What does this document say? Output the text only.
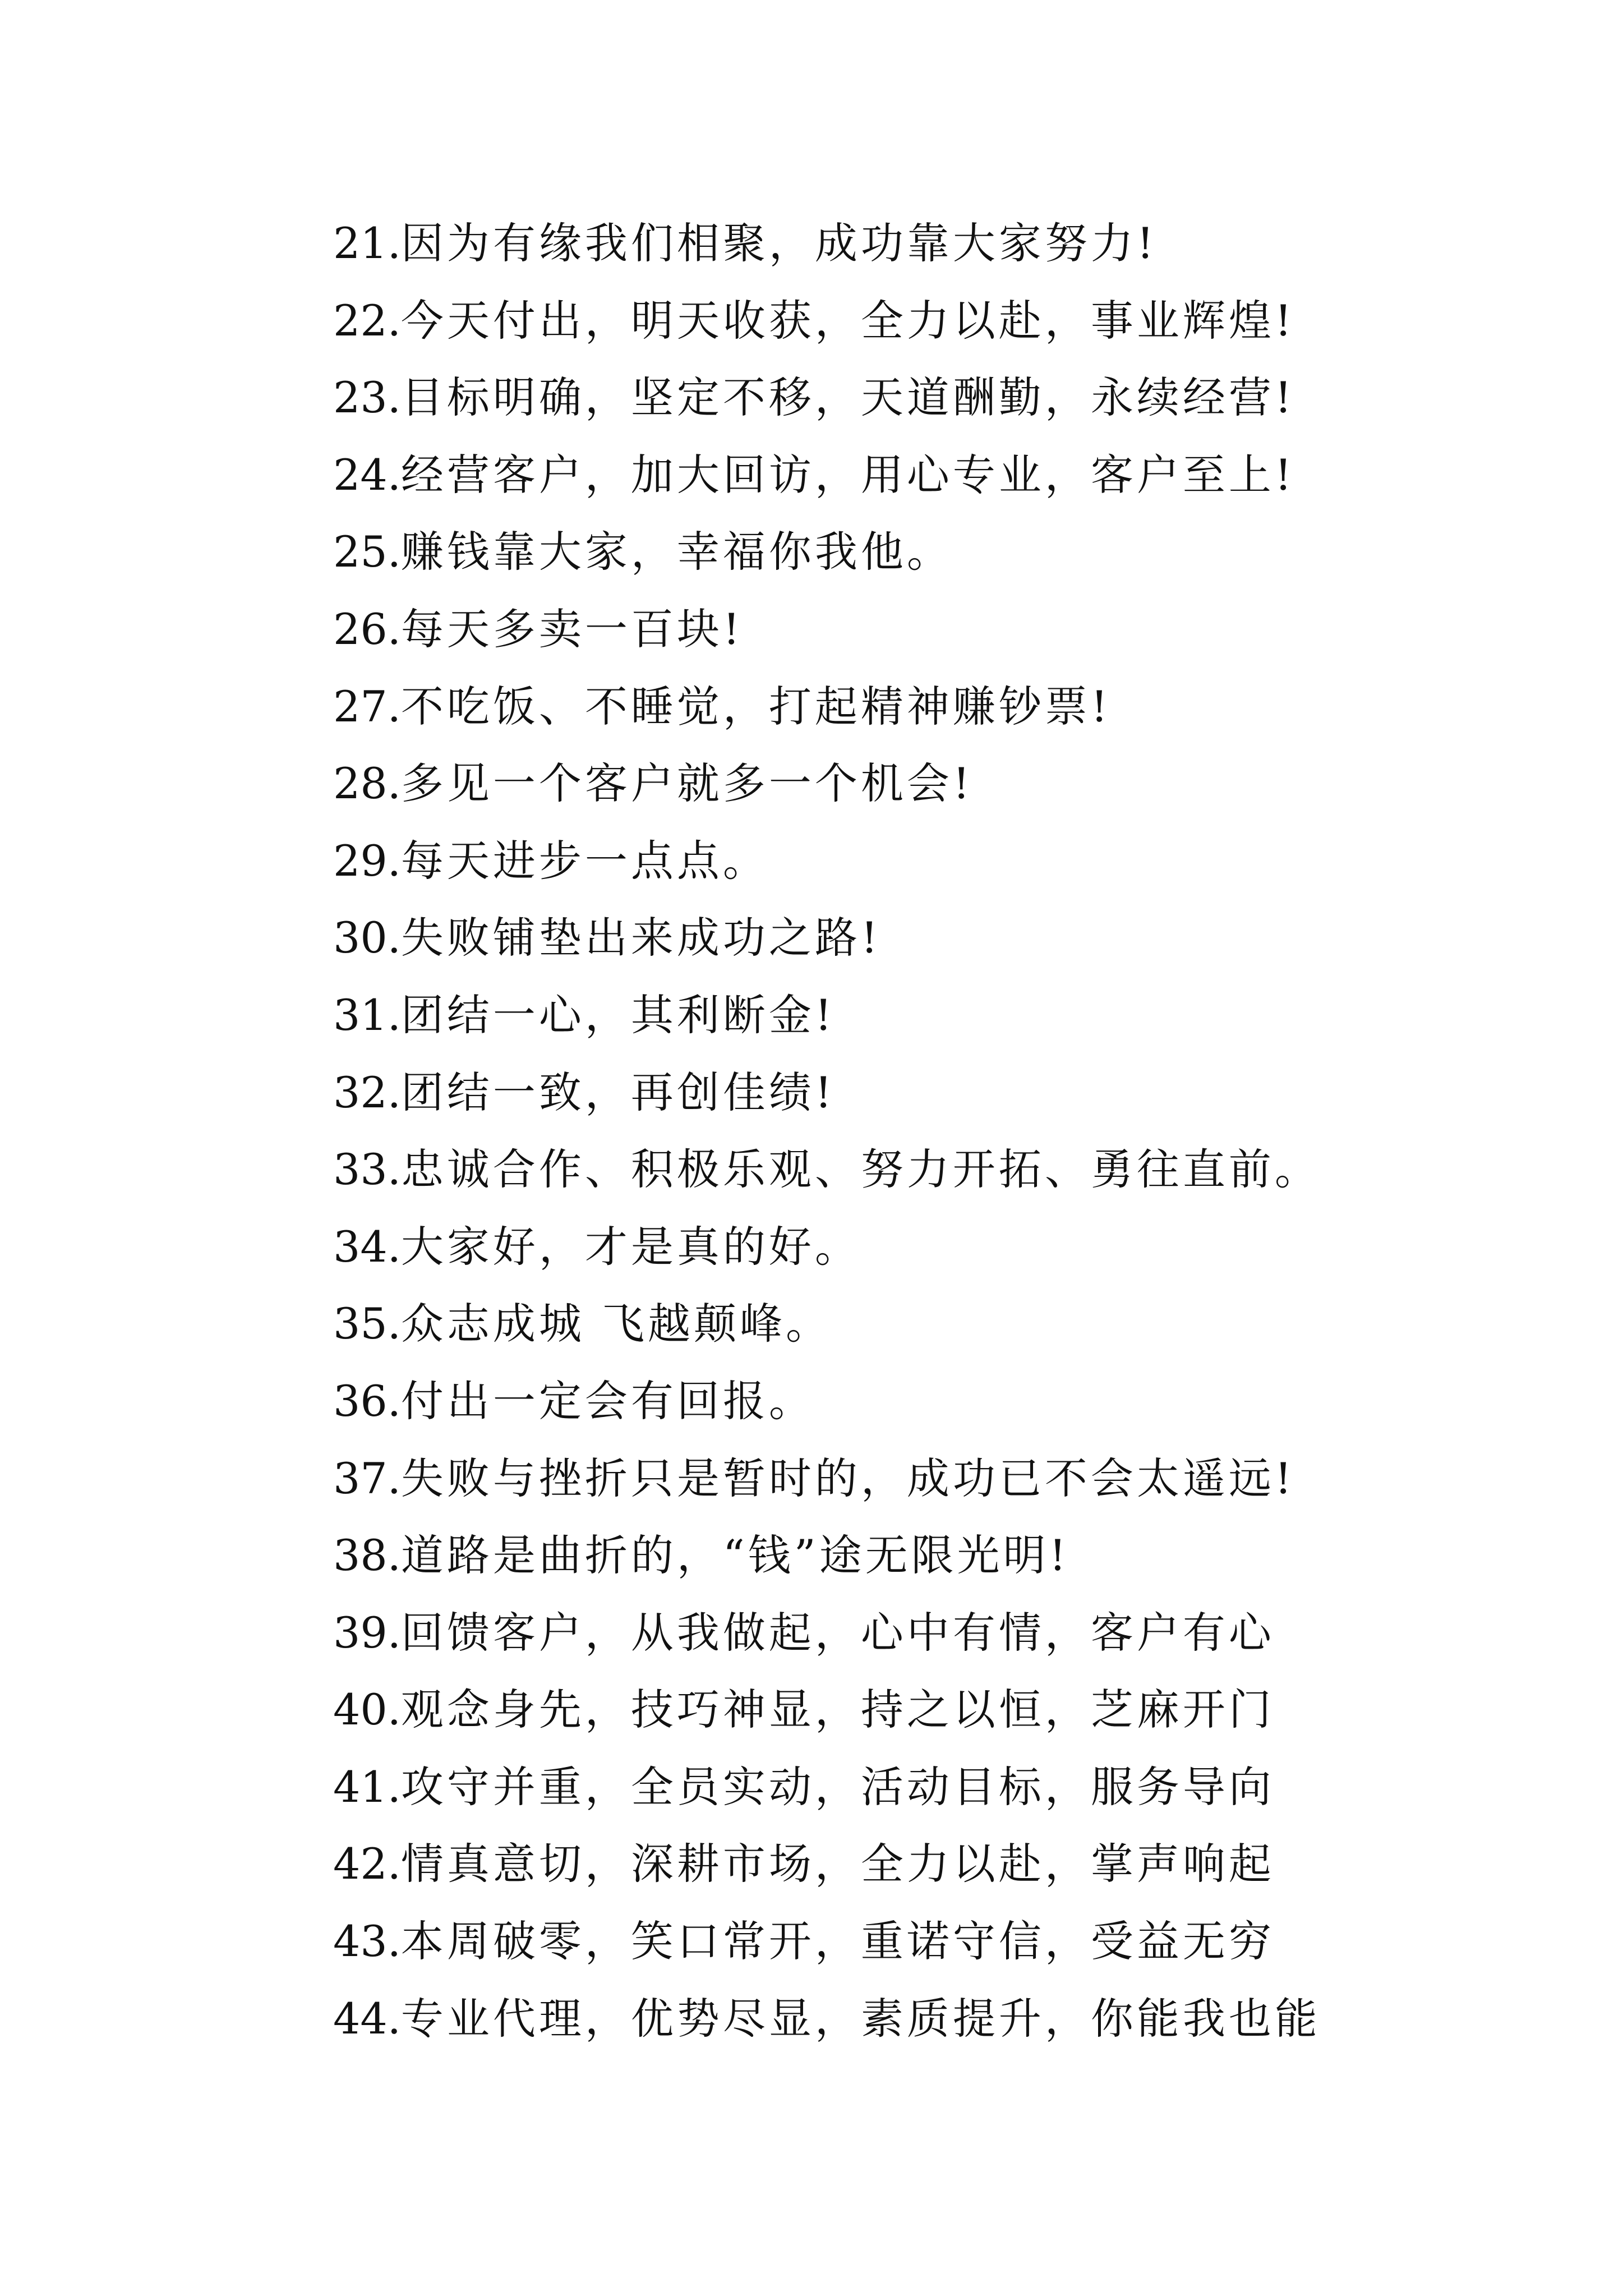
21.因为有缘我们相聚，成功靠大家努力!
22.今天付出，明天收获，全力以赴，事业辉煌!
23.目标明确，坚定不移，天道酬勤，永续经营!
24.经营客户，加大回访，用心专业，客户至上!
25.赚钱靠大家，幸福你我他。
26.每天多卖一百块!
27.不吃饭、不睡觉，打起精神赚钞票!
28.多见一个客户就多一个机会!
29.每天进步一点点。
30.失败铺垫出来成功之路!
31.团结一心，其利断金!
32.团结一致，再创佳绩!
33.忠诚合作、积极乐观、努力开拓、勇往直前。
34.大家好，才是真的好。
35.众志成城 飞越颠峰。
36.付出一定会有回报。
37.失败与挫折只是暂时的，成功已不会太遥远!
38.道路是曲折的，“钱”途无限光明!
39.回馈客户，从我做起，心中有情，客户有心
40.观念身先，技巧神显，持之以恒，芝麻开门
41.攻守并重，全员实动，活动目标，服务导向
42.情真意切，深耕市场，全力以赴，掌声响起
43.本周破零，笑口常开，重诺守信，受益无穷
44.专业代理，优势尽显，素质提升，你能我也能
